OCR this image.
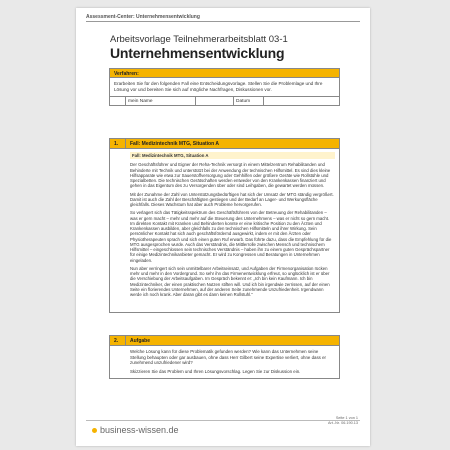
Assessment-Center: Unternehmensentwicklung
Arbeitsvorlage Teilnehmerarbeitsblatt 03-1
Unternehmensentwicklung
Verfahren:
Erarbeiten Sie für den folgenden Fall eine Entscheidungsvorlage. Stellen Sie die Problemlage und Ihre Lösung vor und bereiten Sie sich auf mögliche Nachfragen, Diskussionen vor.
mein Name	Datum
1.	Fall: Medizintechnik MTG, Situation A

Fall: Medizintechnik MTG, Situation A

Der Geschäftsführer und Eigner der Reha-Technik versorgt in einem Mittelzentrum Rehabilitanden und Behinderte mit Technik und unterstützt bei der Anwendung der technischen Hilfsmittel. Es sind dies kleine Hilfsapparate wie etwa zur Sauerstoffversorgung oder Gehhilfen oder größere Geräte wie Rollstühle und Spezialbetten. Die technischen Gerätschaften werden entweder von den Krankenkassen finanziert und gehen in das Eigentum des zu Versorgenden über oder sind Leihgaben, die gewartet werden müssen.

Mit der Zunahme der Zahl von Unterstützungsbedürftigen hat sich der Umsatz der MTG ständig vergrößert. Damit ist auch die Zahl der Beschäftigten gestiegen und der Bedarf an Lager- und Werkungsfläche gleichfalls. Dieses Wachstum hat aber auch Probleme hervorgerufen.

So verlagert sich das Tätigkeitsspektrum des Geschäftsführers von der Betreuung der Rehabilitanden – was er gern macht – mehr und mehr auf die Steuerung des Unternehmens – was er nicht so gern macht. Im direkten Kontakt mit Kranken und Behinderten konnte er eine kritische Position zu den Ärzten und Krankenkassen ausbilden, aber gleichfalls zu den technischen Hilfsmitteln und ihrer Wirkung. Sein persönlicher Kontakt hat sich auch geschäftsfördernd ausgewirkt, indem er mit den Ärzten oder Physiotherapeuten sprach und sich einen guten Ruf erwarb. Das führte dazu, dass die Empfehlung für die MTG ausgesprochen wurde. Auch das Verständnis, die Mittlerrolle zwischen Mensch und technischem Hilfsmittel – eingeschlossen sein technisches Verständnis – haben ihn zu einem guten Gesprächspartner für einige Medizintechnikanbieter gemacht. Er wird zu Kongressen und Beratungen in Unternehmen eingeladen.

Nun aber verringert sich sein unmittelbarer Arbeitseinsatz, und Aufgaben der Firmenorganisation rücken mehr und mehr in den Vordergrund. So sehr ihn das Firmenentwicklung erfreut, so unglücklich ist er über die Verschiebung der Arbeitsaufgaben. Im Gespräch bekennt er: „Ich bin kein Kaufmann. Ich bin Medizintechniker, der einen praktischen Nutzen stiften will. Und ich bin irgendwie zerrissen, auf der einen Seite ein florierendes Unternehmen, auf der anderen Seite zunehmende Unzufriedenheit. Irgendwann werde ich noch krank. Aber daran gibt es dann keinen Rollstuhl.“

2.	Aufgabe

Welche Lösung kann für diese Problematik gefunden werden? Wie kann das Unternehmen seine Stellung behaupten oder gar ausbauen, ohne dass Herr Gilbert seine Expertise verliert, ohne dass er zunehmend unzufriedener wird?

Skizzieren Sie das Problem und Ihren Lösungsvorschlag. Legen Sie zur Diskussion ein.

Seite 1 von 1
Art.-Nr. 06.190.13
business-wissen.de
